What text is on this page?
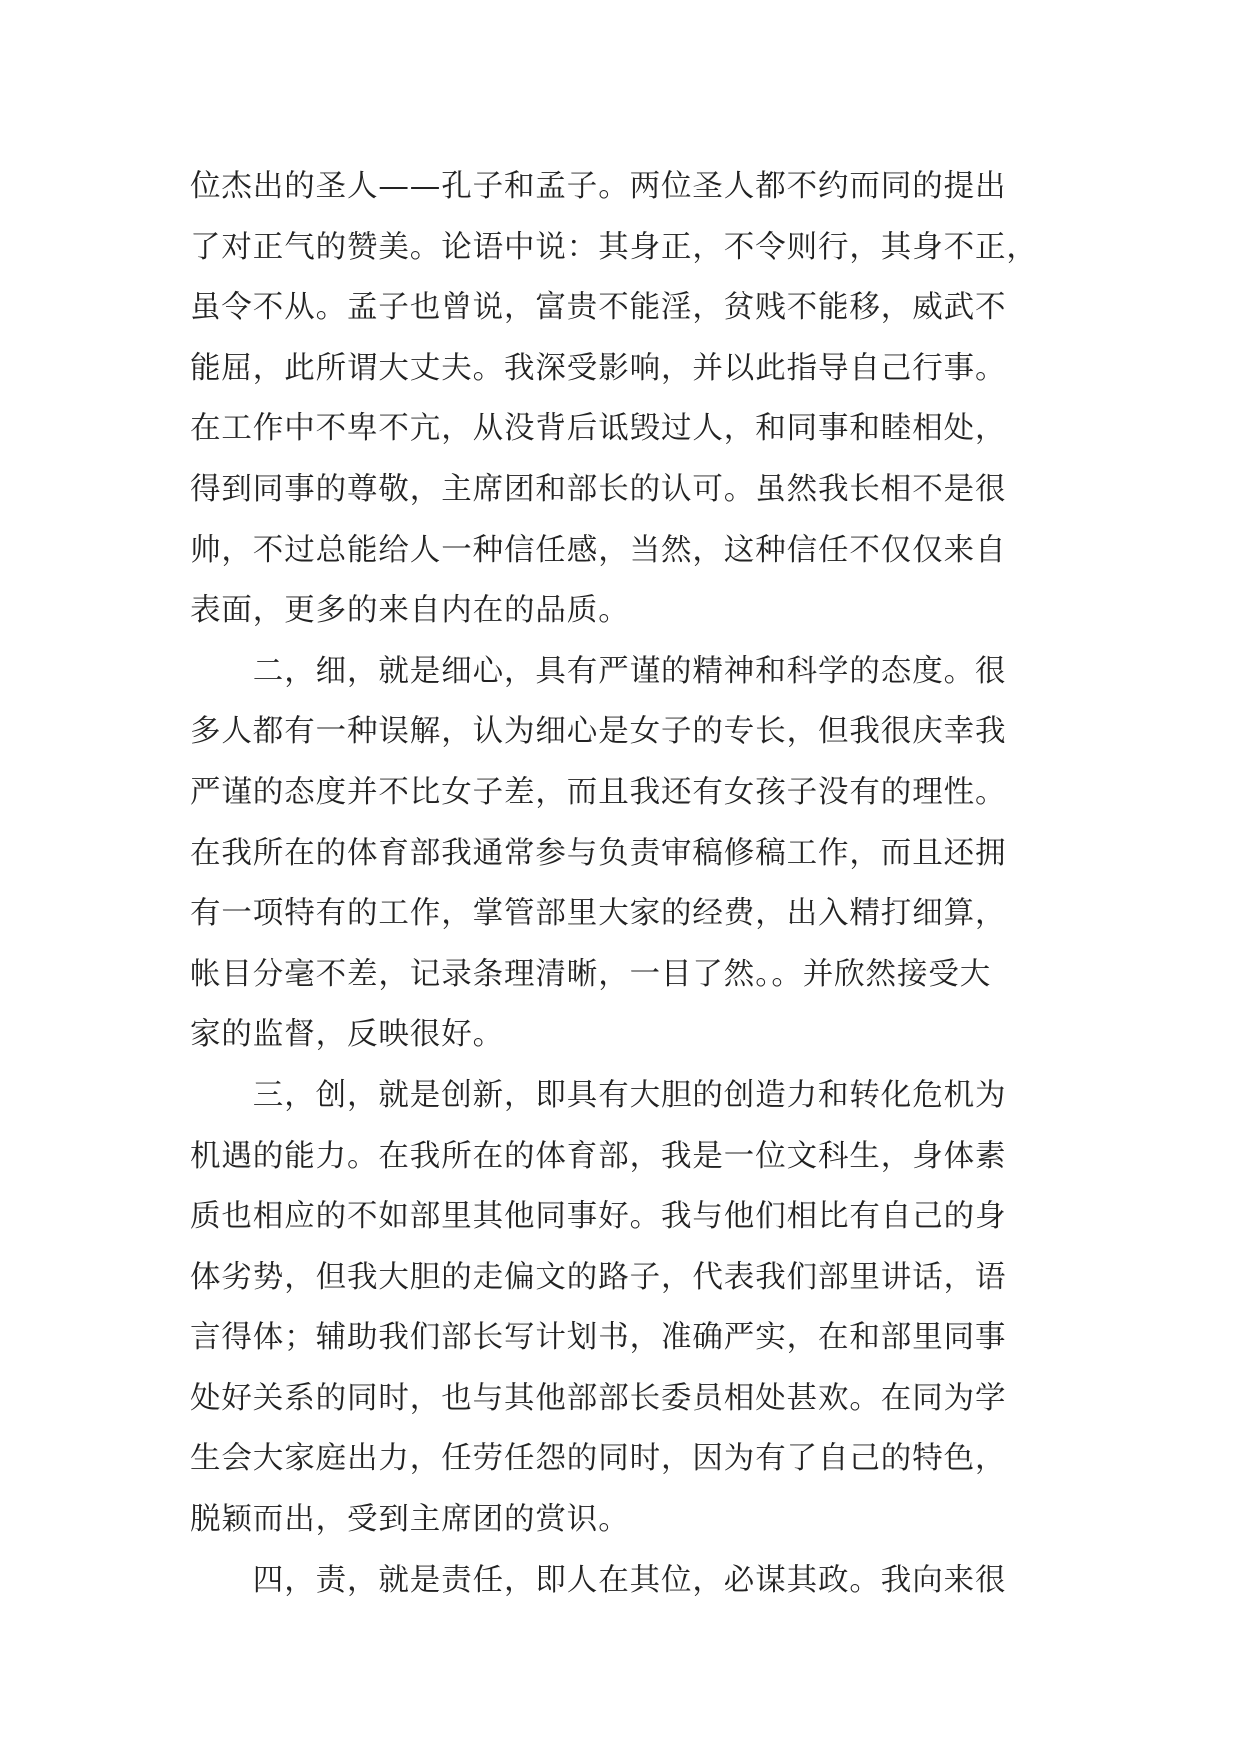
位杰出的圣人——孔子和孟子。两位圣人都不约而同的提出
了对正气的赞美。论语中说：其身正，不令则行，其身不正，
虽令不从。孟子也曾说，富贵不能淫，贫贱不能移，威武不
能屈，此所谓大丈夫。我深受影响，并以此指导自己行事。
在工作中不卑不亢，从没背后诋毁过人，和同事和睦相处，
得到同事的尊敬，主席团和部长的认可。虽然我长相不是很
帅，不过总能给人一种信任感，当然，这种信任不仅仅来自
表面，更多的来自内在的品质。
　　二，细，就是细心，具有严谨的精神和科学的态度。很
多人都有一种误解，认为细心是女子的专长，但我很庆幸我
严谨的态度并不比女子差，而且我还有女孩子没有的理性。
在我所在的体育部我通常参与负责审稿修稿工作，而且还拥
有一项特有的工作，掌管部里大家的经费，出入精打细算，
帐目分毫不差，记录条理清晰，一目了然。。并欣然接受大
家的监督，反映很好。
　　三，创，就是创新，即具有大胆的创造力和转化危机为
机遇的能力。在我所在的体育部，我是一位文科生，身体素
质也相应的不如部里其他同事好。我与他们相比有自己的身
体劣势，但我大胆的走偏文的路子，代表我们部里讲话，语
言得体；辅助我们部长写计划书，准确严实，在和部里同事
处好关系的同时，也与其他部部长委员相处甚欢。在同为学
生会大家庭出力，任劳任怨的同时，因为有了自己的特色，
脱颖而出，受到主席团的赏识。
　　四，责，就是责任，即人在其位，必谋其政。我向来很
